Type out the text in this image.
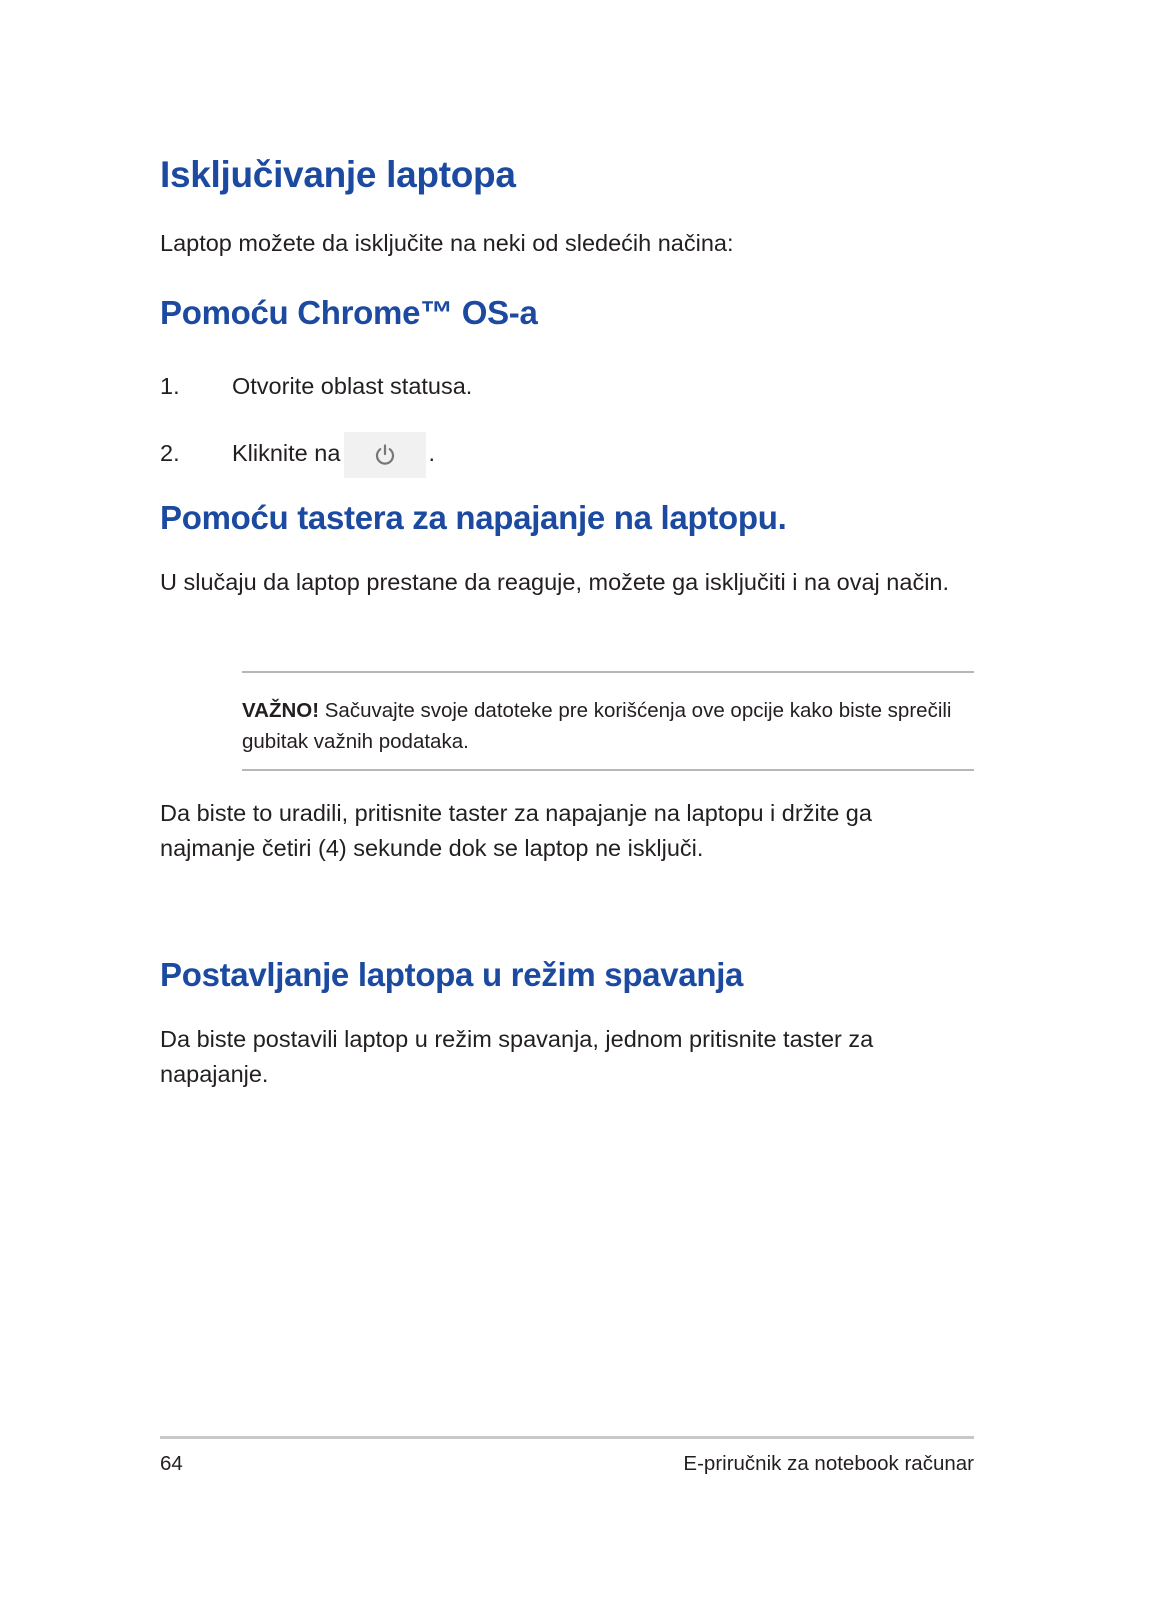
Isključivanje laptopa

Laptop možete da isključite na neki od sledećih načina:

Pomoću Chrome™ OS-a
1. Otvorite oblast statusa.
2. Kliknite na	.
Pomoću tastera za napajanje na laptopu.

U slučaju da laptop prestane da reaguje, možete ga isključiti i na ovaj način.

VAŽNO! Sačuvajte svoje datoteke pre korišćenja ove opcije kako biste sprečili gubitak važnih podataka.

Da biste to uradili, pritisnite taster za napajanje na laptopu i držite ga najmanje četiri (4) sekunde dok se laptop ne isključi.

Postavljanje laptopa u režim spavanja

Da biste postavili laptop u režim spavanja, jednom pritisnite taster za napajanje.

64	E-priručnik za notebook računar
